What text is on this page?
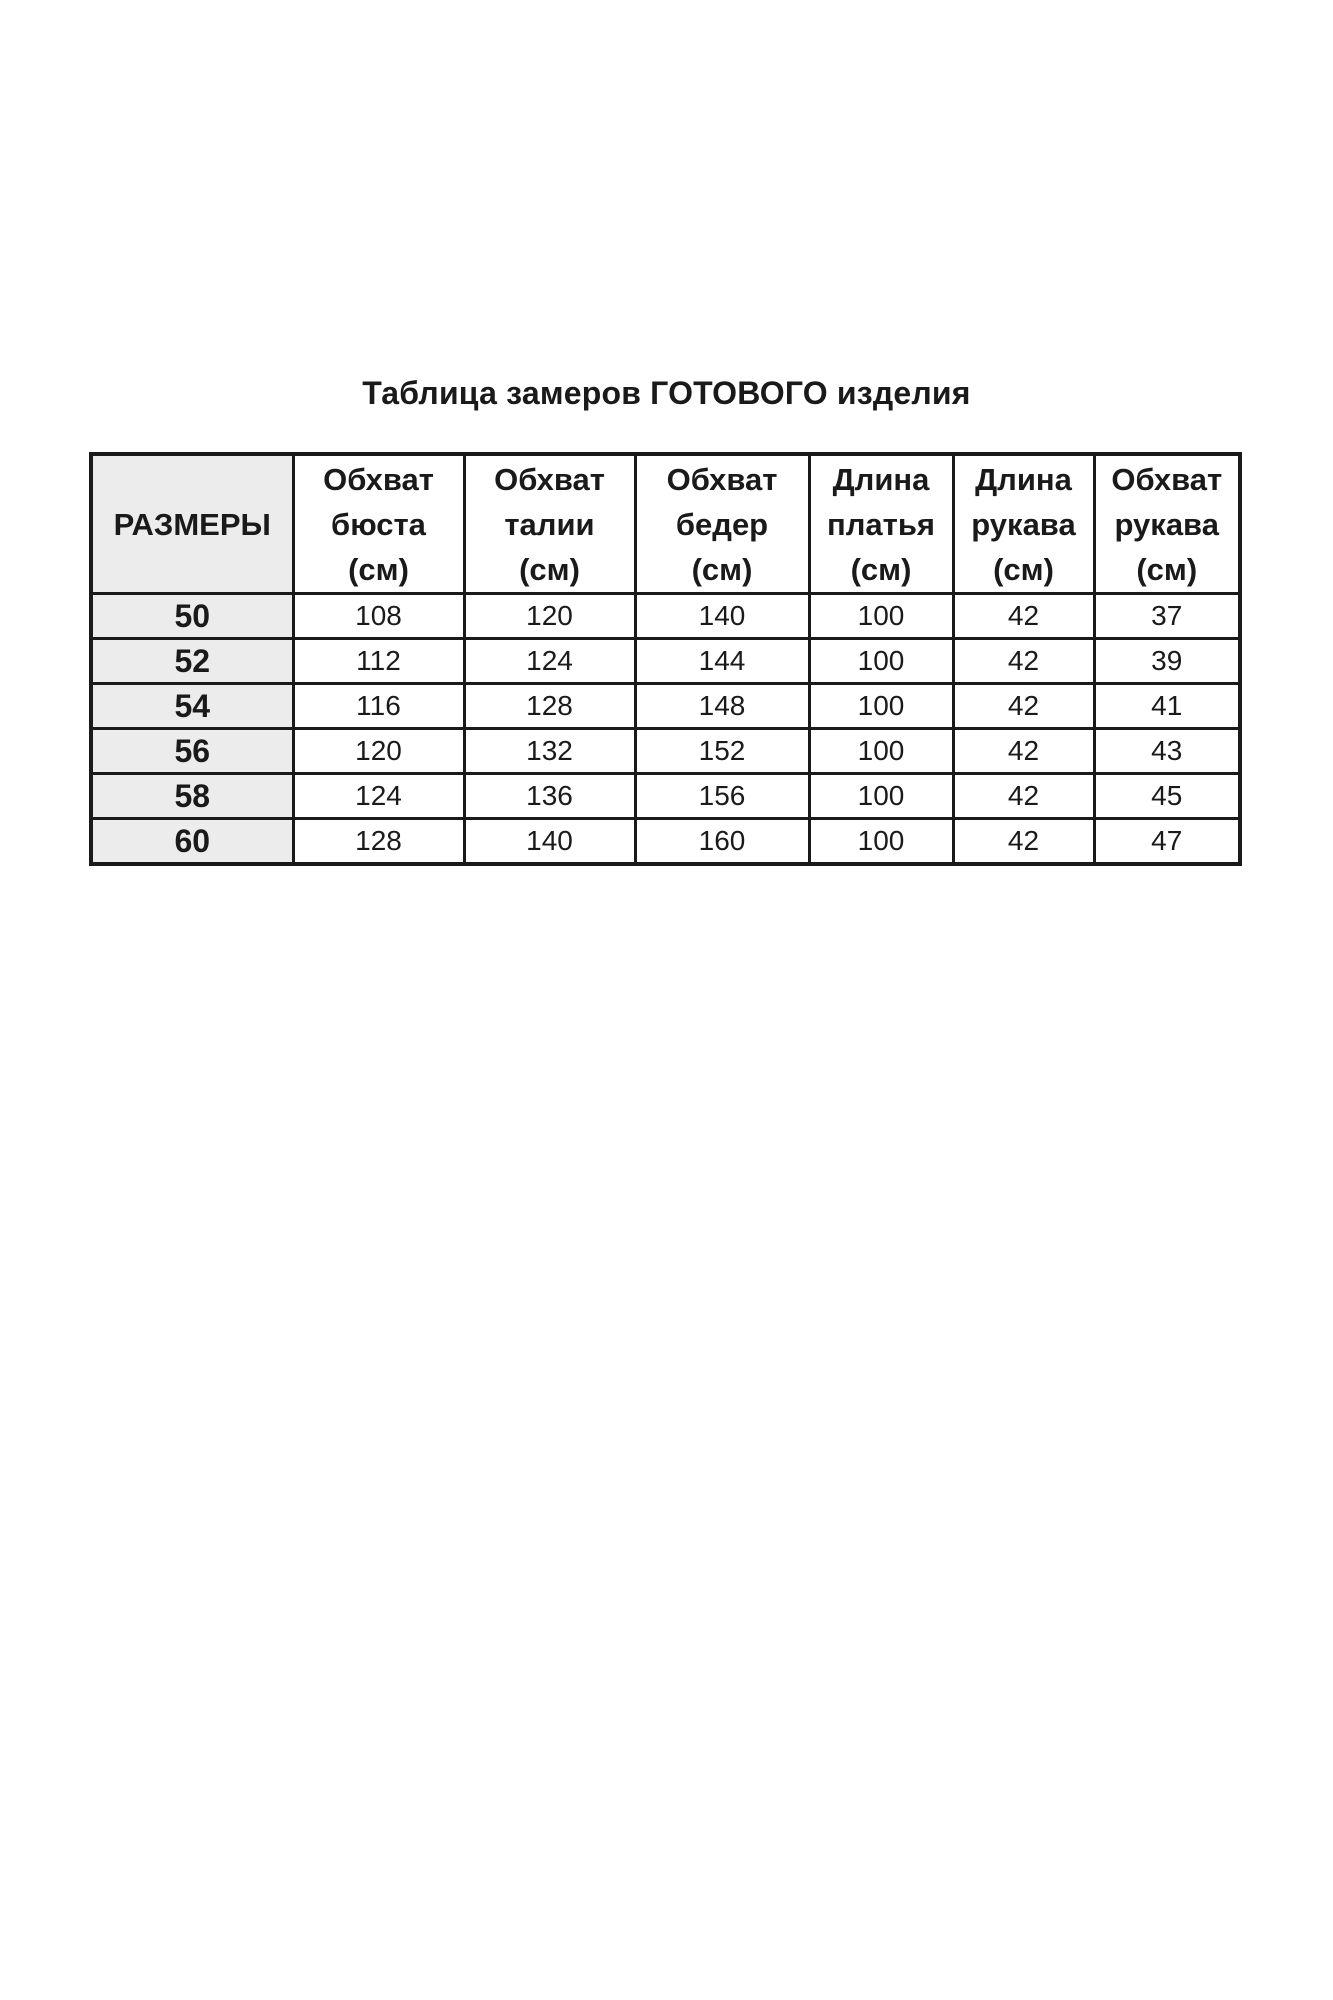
Таблица замеров ГОТОВОГО изделия
РАЗМЕРЫ	Обхват
бюста
(см)	Обхват
талии
(см)	Обхват
бедер
(см)	Длина
платья
(см)	Длина
рукава
(см)	Обхват
рукава
(см)

50	108	120	140	100	42	37
52	112	124	144	100	42	39
54	116	128	148	100	42	41
56	120	132	152	100	42	43
58	124	136	156	100	42	45
60	128	140	160	100	42	47
